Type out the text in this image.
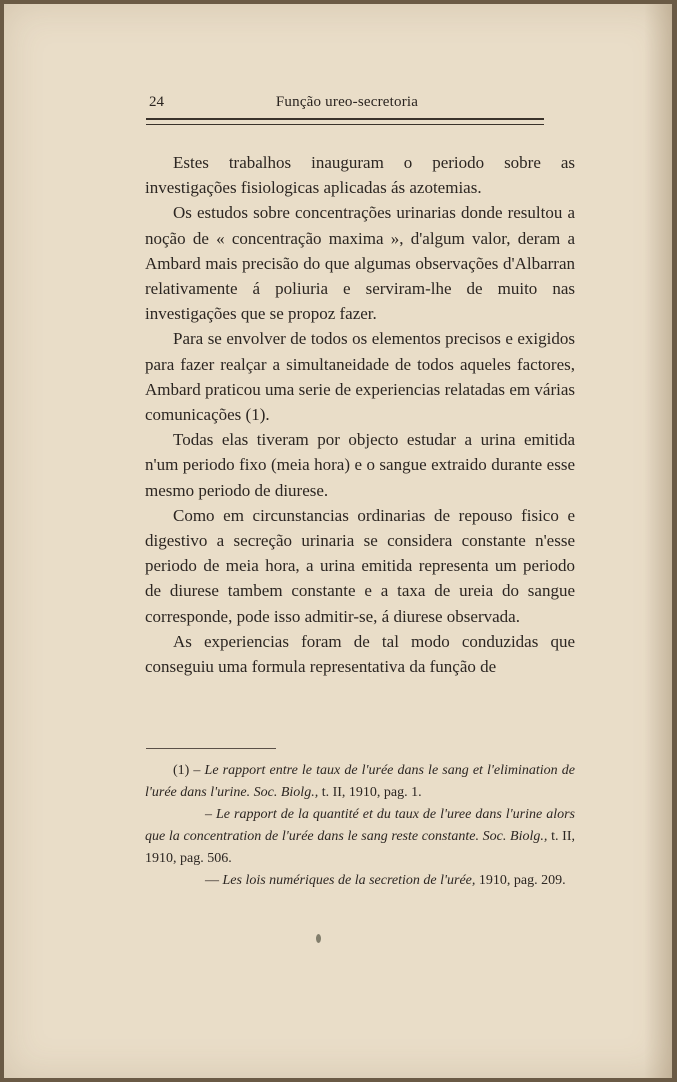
24	Função ureo-secretoria

Estes trabalhos inauguram o periodo sobre as investigações fisiologicas aplicadas ás azotemias.

Os estudos sobre concentrações urinarias donde resultou a noção de « concentração maxima », d'algum valor, deram a Ambard mais precisão do que algumas observações d'Albarran relativamente á poliuria e serviram-lhe de muito nas investigações que se propoz fazer.

Para se envolver de todos os elementos precisos e exigidos para fazer realçar a simultaneidade de todos aqueles factores, Ambard praticou uma serie de experiencias relatadas em várias comunicações (1).

Todas elas tiveram por objecto estudar a urina emitida n'um periodo fixo (meia hora) e o sangue extraido durante esse mesmo periodo de diurese.

Como em circunstancias ordinarias de repouso fisico e digestivo a secreção urinaria se considera constante n'esse periodo de meia hora, a urina emitida representa um periodo de diurese tambem constante e a taxa de ureia do sangue corresponde, pode isso admitir-se, á diurese observada.

As experiencias foram de tal modo conduzidas que conseguiu uma formula representativa da função de

(1) – Le rapport entre le taux de l'urée dans le sang et l'elimination de l'urée dans l'urine. Soc. Biolg., t. II, 1910, pag. 1.

– Le rapport de la quantité et du taux de l'uree dans l'urine alors que la concentration de l'urée dans le sang reste constante. Soc. Biolg., t. II, 1910, pag. 506.

— Les lois numériques de la secretion de l'urée, 1910, pag. 209.
